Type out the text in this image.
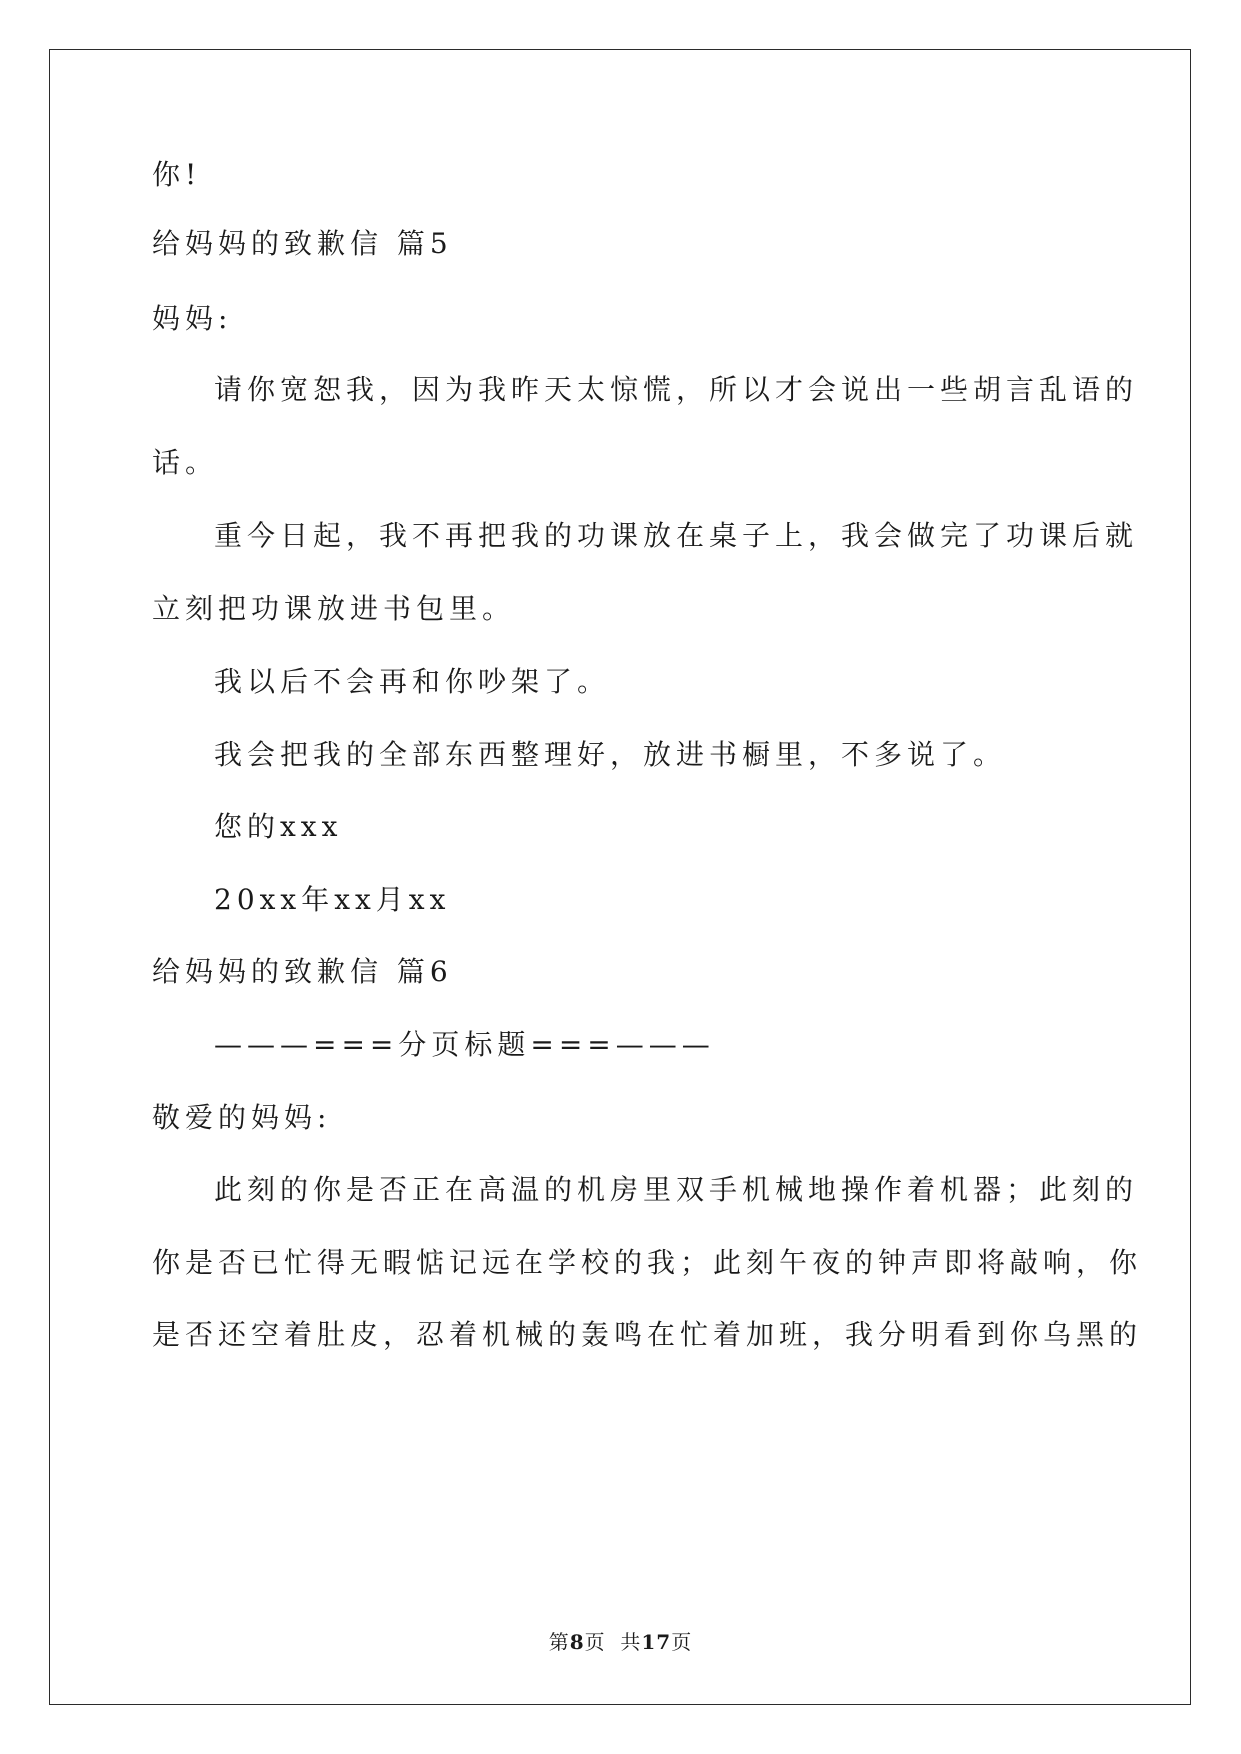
你!
给妈妈的致歉信 篇5
妈妈:
请你宽恕我，因为我昨天太惊慌，所以才会说出一些胡言乱语的
话。
重今日起，我不再把我的功课放在桌子上，我会做完了功课后就
立刻把功课放进书包里。
我以后不会再和你吵架了。
我会把我的全部东西整理好，放进书橱里，不多说了。
您的xxx
20xx年xx月xx
给妈妈的致歉信 篇6
———===分页标题===———
敬爱的妈妈:
此刻的你是否正在高温的机房里双手机械地操作着机器；此刻的
你是否已忙得无暇惦记远在学校的我；此刻午夜的钟声即将敲响，你
是否还空着肚皮，忍着机械的轰鸣在忙着加班，我分明看到你乌黑的
第8页  共17页
